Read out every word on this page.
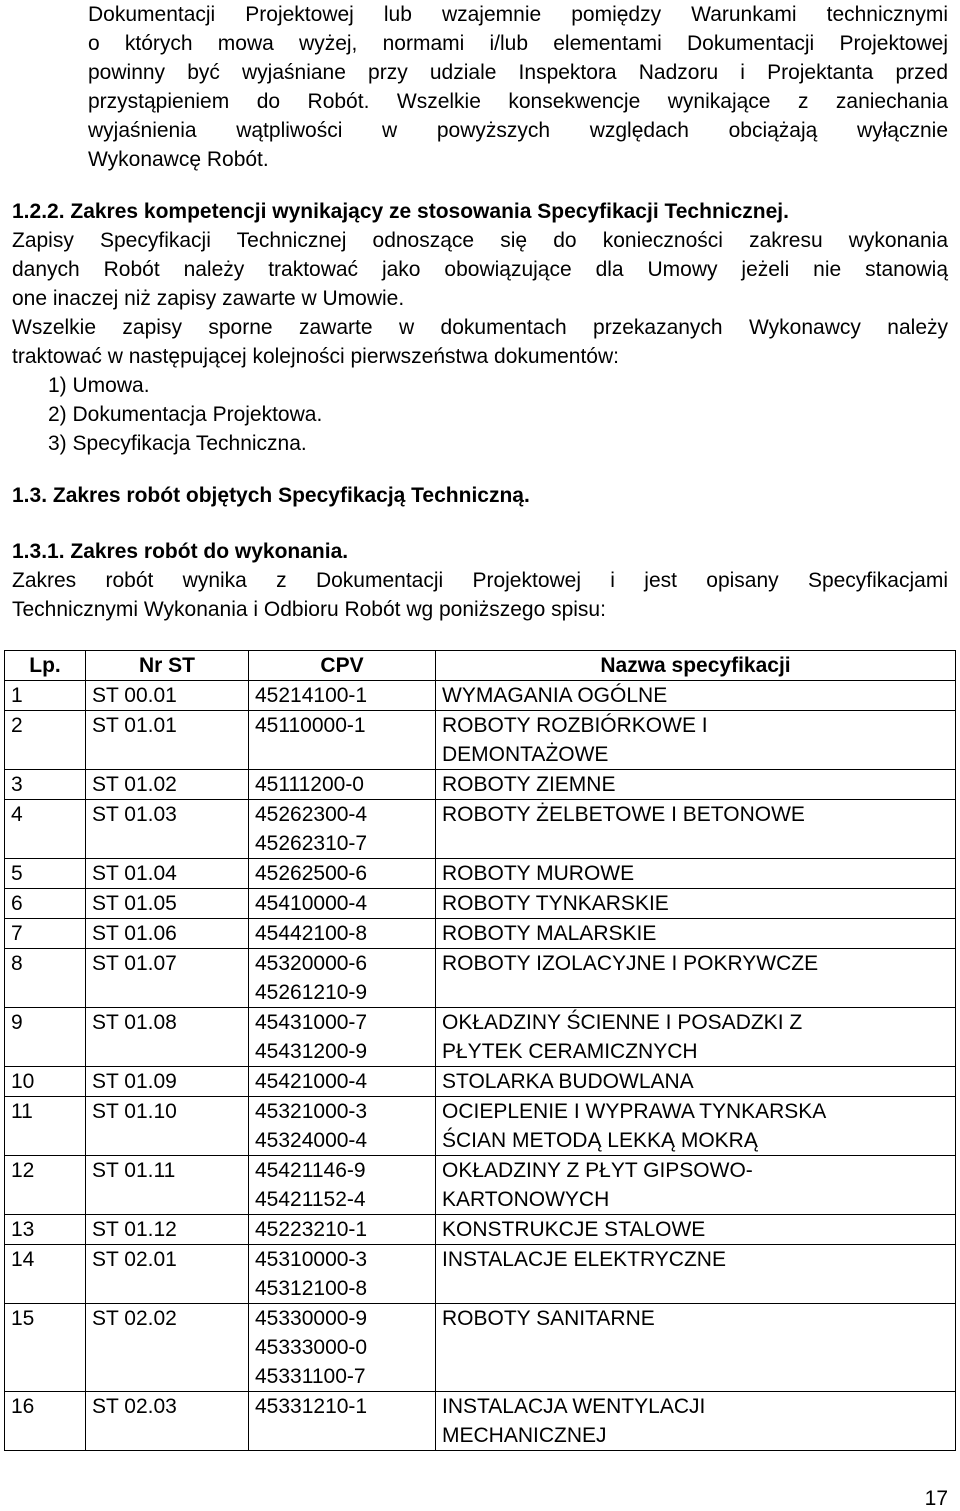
Dokumentacji Projektowej lub wzajemnie pomiędzy Warunkami technicznymi
o których mowa wyżej, normami i/lub elementami Dokumentacji Projektowej
powinny być wyjaśniane przy udziale Inspektora Nadzoru i Projektanta przed
przystąpieniem do Robót. Wszelkie konsekwencje wynikające z zaniechania
wyjaśnienia wątpliwości w powyższych względach obciążają wyłącznie
Wykonawcę Robót.
1.2.2. Zakres kompetencji wynikający ze stosowania Specyfikacji Technicznej.
Zapisy Specyfikacji Technicznej odnoszące się do konieczności zakresu wykonania
danych Robót należy traktować jako obowiązujące dla Umowy jeżeli nie stanowią
one inaczej niż zapisy zawarte w Umowie.
Wszelkie zapisy sporne zawarte w dokumentach przekazanych Wykonawcy należy
traktować w następującej kolejności pierwszeństwa dokumentów:
1) Umowa.
2) Dokumentacja Projektowa.
3) Specyfikacja Techniczna.
1.3. Zakres robót objętych Specyfikacją Techniczną.
1.3.1. Zakres robót do wykonania.
Zakres robót wynika z Dokumentacji Projektowej i jest opisany Specyfikacjami
Technicznymi Wykonania i Odbioru Robót wg poniższego spisu:
Lp.	Nr ST	CPV	Nazwa specyfikacji
1	ST 00.01	45214100-1	WYMAGANIA OGÓLNE

2	ST 01.01	45110000-1	ROBOTY ROZBIÓRKOWE I
DEMONTAŻOWE

3	ST 01.02	45111200-0	ROBOTY ZIEMNE

4	ST 01.03	45262300-4
45262310-7	ROBOTY ŻELBETOWE I BETONOWE

5	ST 01.04	45262500-6	ROBOTY MUROWE

6	ST 01.05	45410000-4	ROBOTY TYNKARSKIE

7	ST 01.06	45442100-8	ROBOTY MALARSKIE

8	ST 01.07	45320000-6
45261210-9	ROBOTY IZOLACYJNE I POKRYWCZE

9	ST 01.08	45431000-7
45431200-9	OKŁADZINY ŚCIENNE I POSADZKI Z
PŁYTEK CERAMICZNYCH

10	ST 01.09	45421000-4	STOLARKA BUDOWLANA

11	ST 01.10	45321000-3
45324000-4	OCIEPLENIE I WYPRAWA TYNKARSKA
ŚCIAN METODĄ LEKKĄ MOKRĄ

12	ST 01.11	45421146-9
45421152-4	OKŁADZINY Z PŁYT GIPSOWO-
KARTONOWYCH

13	ST 01.12	45223210-1	KONSTRUKCJE STALOWE

14	ST 02.01	45310000-3
45312100-8	INSTALACJE ELEKTRYCZNE

15	ST 02.02	45330000-9
45333000-0
45331100-7	ROBOTY SANITARNE

16	ST 02.03	45331210-1	INSTALACJA WENTYLACJI
MECHANICZNEJ
17
